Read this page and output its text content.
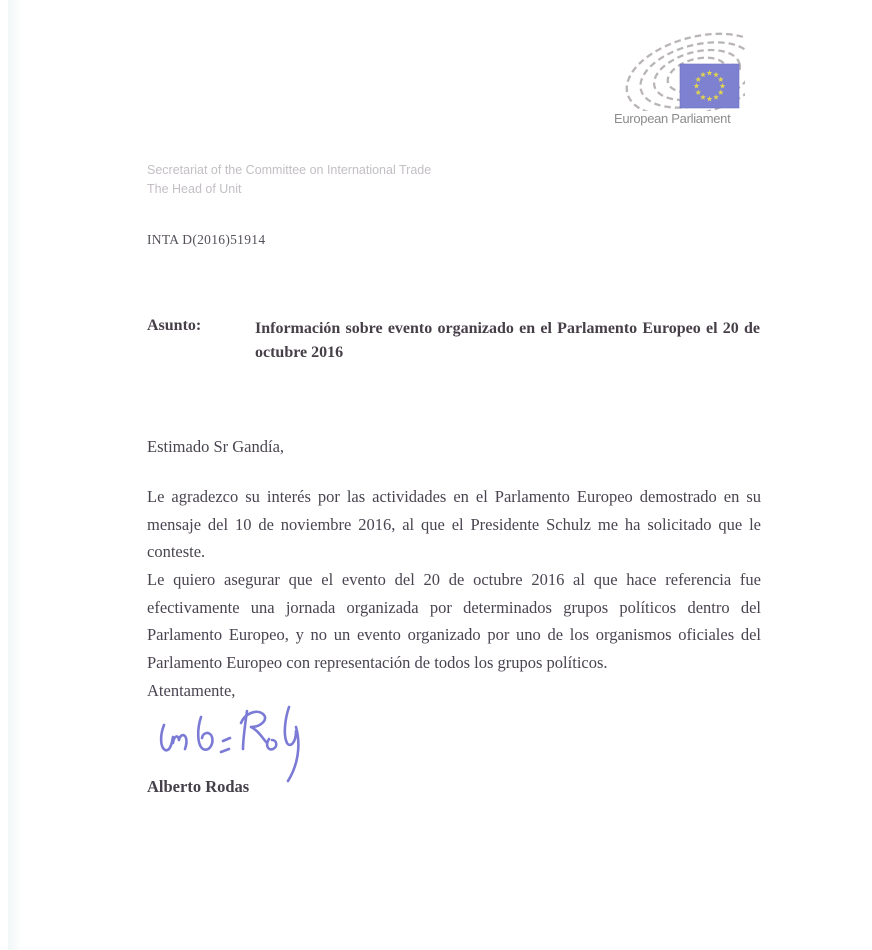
European Parliament
Secretariat of the Committee on International Trade
The Head of Unit
INTA D(2016)51914
Asunto:	Información sobre evento organizado en el Parlamento Europeo el 20 de octubre 2016
Estimado Sr Gandía,
Le agradezco su interés por las actividades en el Parlamento Europeo demostrado en su mensaje del 10 de noviembre 2016, al que el Presidente Schulz me ha solicitado que le conteste.
Le quiero asegurar que el evento del 20 de octubre 2016 al que hace referencia fue efectivamente una jornada organizada por determinados grupos políticos dentro del Parlamento Europeo, y no un evento organizado por uno de los organismos oficiales del Parlamento Europeo con representación de todos los grupos políticos.
Atentamente,
Alberto Rodas
